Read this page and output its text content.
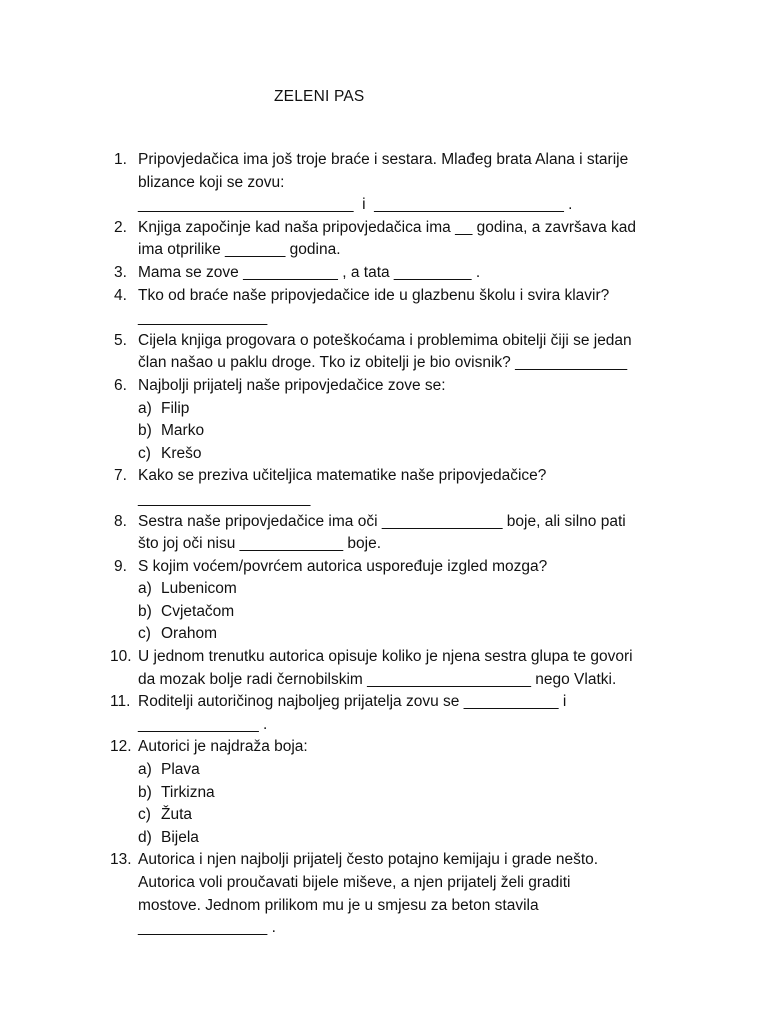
ZELENI PAS
1. Pripovjedačica ima još troje braće i sestara. Mlađeg brata Alana i starije
blizance koji se zovu:
_________________________  i  ______________________ .
2. Knjiga započinje kad naša pripovjedačica ima __ godina, a završava kad
ima otprilike _______ godina.
3. Mama se zove ___________ , a tata _________ .
4. Tko od braće naše pripovjedačice ide u glazbenu školu i svira klavir?
_______________
5. Cijela knjiga progovara o poteškoćama i problemima obitelji čiji se jedan
član našao u paklu droge. Tko iz obitelji je bio ovisnik? _____________
6. Najbolji prijatelj naše pripovjedačice zove se:
a) Filip
b) Marko
c) Krešo
7. Kako se preziva učiteljica matematike naše pripovjedačice?
____________________
8. Sestra naše pripovjedačice ima oči ______________ boje, ali silno pati
što joj oči nisu ____________ boje.
9. S kojim voćem/povrćem autorica uspoređuje izgled mozga?
a) Lubenicom
b) Cvjetačom
c) Orahom
10. U jednom trenutku autorica opisuje koliko je njena sestra glupa te govori
da mozak bolje radi černobilskim ___________________ nego Vlatki.
11. Roditelji autoričinog najboljeg prijatelja zovu se ___________ i
______________ .
12. Autorici je najdraža boja:
a) Plava
b) Tirkizna
c) Žuta
d) Bijela
13. Autorica i njen najbolji prijatelj često potajno kemijaju i grade nešto.
Autorica voli proučavati bijele miševe, a njen prijatelj želi graditi
mostove. Jednom prilikom mu je u smjesu za beton stavila
_______________ .
